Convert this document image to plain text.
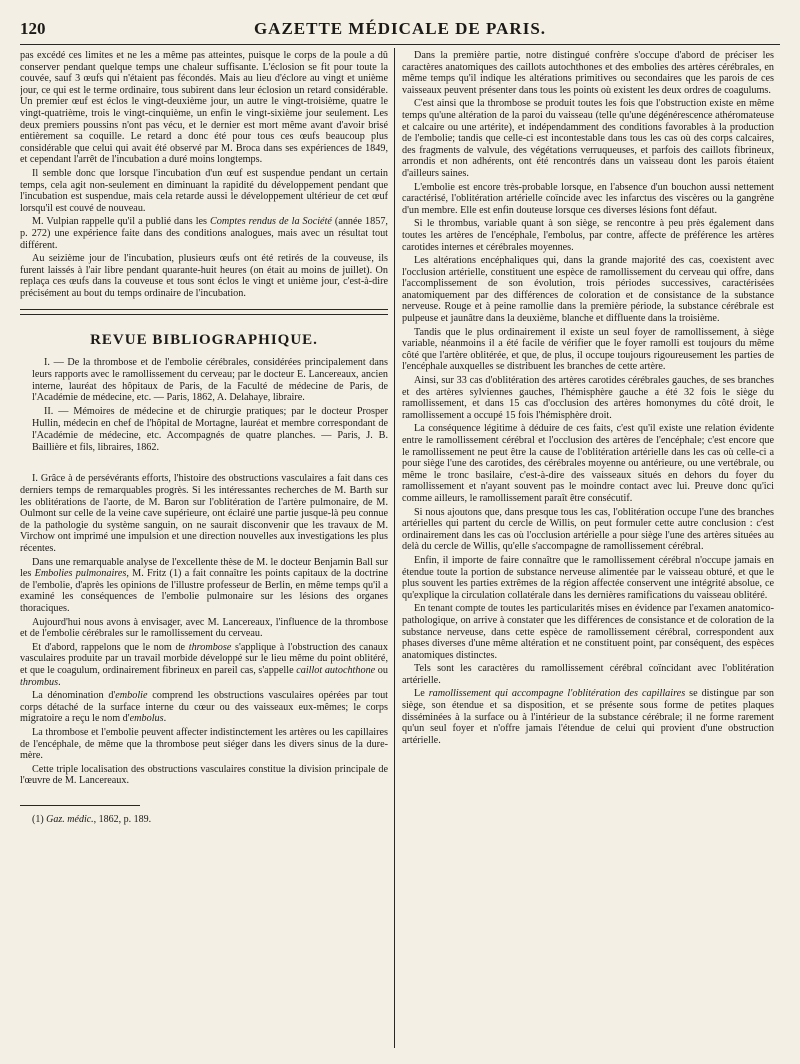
120	GAZETTE MÉDICALE DE PARIS.

pas excédé ces limites et ne les a même pas atteintes, puisque le corps de la poule a dû conserver pendant quelque temps une chaleur suffisante. L'éclosion se fit pour toute la couvée, sauf 3 œufs qui n'étaient pas fécondés. Mais au lieu d'éclore au vingt et unième jour, ce qui est le terme ordinaire, tous subirent dans leur éclosion un retard considérable. Un premier œuf est éclos le vingt-deuxième jour, un autre le vingt-troisième, quatre le vingt-quatrième, trois le vingt-cinquième, un enfin le vingt-sixième jour seulement. Les deux premiers poussins n'ont pas vécu, et le dernier est mort même avant d'avoir brisé entièrement sa coquille. Le retard a donc été pour tous ces œufs beaucoup plus considérable que celui qui avait été observé par M. Broca dans ses expériences de 1849, et cependant l'arrêt de l'incubation a duré moins longtemps.

Il semble donc que lorsque l'incubation d'un œuf est suspendue pendant un certain temps, cela agit non-seulement en diminuant la rapidité du développement pendant que l'incubation est suspendue, mais cela retarde aussi le développement ultérieur de cet œuf lorsqu'il est couvé de nouveau.

M. Vulpian rappelle qu'il a publié dans les Comptes rendus de la Société (année 1857, p. 272) une expérience faite dans des conditions analogues, mais avec un résultat tout différent.

Au seizième jour de l'incubation, plusieurs œufs ont été retirés de la couveuse, ils furent laissés à l'air libre pendant quarante-huit heures (on était au moins de juillet). On replaça ces œufs dans la couveuse et tous sont éclos le vingt et unième jour, c'est-à-dire précisément au bout du temps ordinaire de l'incubation.

REVUE BIBLIOGRAPHIQUE.

I. — De la thrombose et de l'embolie cérébrales, considérées principalement dans leurs rapports avec le ramollissement du cerveau; par le docteur E. Lancereaux, ancien interne, lauréat des hôpitaux de Paris, de la Faculté de médecine de Paris, de l'Académie de médecine, etc. — Paris, 1862, A. Delahaye, libraire.

II. — Mémoires de médecine et de chirurgie pratiques; par le docteur Prosper Hullin, médecin en chef de l'hôpital de Mortagne, lauréat et membre correspondant de l'Académie de médecine, etc. Accompagnés de quatre planches. — Paris, J. B. Baillière et fils, libraires, 1862.

I. Grâce à de persévérants efforts, l'histoire des obstructions vasculaires a fait dans ces derniers temps de remarquables progrès. Si les intéressantes recherches de M. Barth sur les oblitérations de l'aorte, de M. Baron sur l'oblitération de l'artère pulmonaire, de M. Oulmont sur celle de la veine cave supérieure, ont éclairé une partie jusque-là peu connue de la pathologie du système sanguin, on ne saurait disconvenir que les travaux de M. Virchow ont imprimé une impulsion et une direction nouvelles aux investigations les plus récentes.

Dans une remarquable analyse de l'excellente thèse de M. le docteur Benjamin Ball sur les Embolies pulmonaires, M. Fritz (1) a fait connaître les points capitaux de la doctrine de l'embolie, d'après les opinions de l'illustre professeur de Berlin, en même temps qu'il a examiné les conséquences de l'embolie pulmonaire sur les lésions des organes thoraciques.

Aujourd'hui nous avons à envisager, avec M. Lancereaux, l'influence de la thrombose et de l'embolie cérébrales sur le ramollissement du cerveau.

Et d'abord, rappelons que le nom de thrombose s'applique à l'obstruction des canaux vasculaires produite par un travail morbide développé sur le lieu même du point oblitéré, et que le coagulum, ordinairement fibrineux en pareil cas, s'appelle caillot autochthone ou thrombus.

La dénomination d'embolie comprend les obstructions vasculaires opérées par tout corps détaché de la surface interne du cœur ou des vaisseaux eux-mêmes; le corps migratoire a reçu le nom d'embolus.

La thrombose et l'embolie peuvent affecter indistinctement les artères ou les capillaires de l'encéphale, de même que la thrombose peut siéger dans les divers sinus de la dure-mère.

Cette triple localisation des obstructions vasculaires constitue la division principale de l'œuvre de M. Lancereaux.

(1) Gaz. médic., 1862, p. 189.

Dans la première partie, notre distingué confrère s'occupe d'abord de préciser les caractères anatomiques des caillots autochthones et des embolies des artères cérébrales, en même temps qu'il indique les altérations primitives ou secondaires que les parois de ces vaisseaux peuvent présenter dans tous les points où existent les deux ordres de coagulums.

C'est ainsi que la thrombose se produit toutes les fois que l'obstruction existe en même temps qu'une altération de la paroi du vaisseau (telle qu'une dégénérescence athéromateuse et calcaire ou une artérite), et indépendamment des conditions favorables à la production de l'embolie; tandis que celle-ci est incontestable dans tous les cas où des corps calcaires, des fragments de valvule, des végétations verruqueuses, et parfois des caillots fibrineux, arrondis et non adhérents, ont été rencontrés dans un vaisseau dont les parois étaient d'ailleurs saines.

L'embolie est encore très-probable lorsque, en l'absence d'un bouchon aussi nettement caractérisé, l'oblitération artérielle coïncide avec les infarctus des viscères ou la gangrène d'un membre. Elle est enfin douteuse lorsque ces diverses lésions font défaut.

Si le thrombus, variable quant à son siège, se rencontre à peu près également dans toutes les artères de l'encéphale, l'embolus, par contre, affecte de préférence les artères carotides internes et cérébrales moyennes.

Les altérations encéphaliques qui, dans la grande majorité des cas, coexistent avec l'occlusion artérielle, constituent une espèce de ramollissement du cerveau qui offre, dans l'accomplissement de son évolution, trois périodes successives, caractérisées anatomiquement par des différences de coloration et de consistance de la substance nerveuse. Rouge et à peine ramollie dans la première période, la substance cérébrale est pulpeuse et jaunâtre dans la deuxième, blanche et diffluente dans la troisième.

Tandis que le plus ordinairement il existe un seul foyer de ramollissement, à siège variable, néanmoins il a été facile de vérifier que le foyer ramolli est toujours du même côté que l'artère oblitérée, et que, de plus, il occupe toujours rigoureusement les parties de l'encéphale auxquelles se distribuent les branches de cette artère.

Ainsi, sur 33 cas d'oblitération des artères carotides cérébrales gauches, de ses branches et des artères sylviennes gauches, l'hémisphère gauche a été 32 fois le siège du ramollissement, et dans 15 cas d'occlusion des artères homonymes du côté droit, le ramollissement a occupé 15 fois l'hémisphère droit.

La conséquence légitime à déduire de ces faits, c'est qu'il existe une relation évidente entre le ramollissement cérébral et l'occlusion des artères de l'encéphale; c'est encore que le ramollissement ne peut être la cause de l'oblitération artérielle dans les cas où celle-ci a pour siège l'une des carotides, des cérébrales moyenne ou antérieure, ou une vertébrale, ou même le tronc basilaire, c'est-à-dire des vaisseaux situés en dehors du foyer du ramollissement et n'ayant souvent pas le moindre contact avec lui. Preuve donc qu'ici comme ailleurs, le ramollissement paraît être consécutif.

Si nous ajoutons que, dans presque tous les cas, l'oblitération occupe l'une des branches artérielles qui partent du cercle de Willis, on peut formuler cette autre conclusion : c'est ordinairement dans les cas où l'occlusion artérielle a pour siège l'une des artères situées au delà du cercle de Willis, qu'elle s'accompagne de ramollissement cérébral.

Enfin, il importe de faire connaître que le ramollissement cérébral n'occupe jamais en étendue toute la portion de substance nerveuse alimentée par le vaisseau obturé, et que le plus souvent les parties extrêmes de la région affectée conservent une intégrité absolue, ce qu'explique la circulation collatérale dans les dernières ramifications du vaisseau oblitéré.

En tenant compte de toutes les particularités mises en évidence par l'examen anatomico-pathologique, on arrive à constater que les différences de consistance et de coloration de la substance nerveuse, dans cette espèce de ramollissement cérébral, correspondent aux phases diverses d'une même altération et ne constituent point, par conséquent, des espèces anatomiques distinctes.

Tels sont les caractères du ramollissement cérébral coïncidant avec l'oblitération artérielle.

Le ramollissement qui accompagne l'oblitération des capillaires se distingue par son siège, son étendue et sa disposition, et se présente sous forme de petites plaques disséminées à la surface ou à l'intérieur de la substance cérébrale; il ne forme rarement qu'un seul foyer et n'offre jamais l'étendue de celui qui provient d'une obstruction artérielle.
